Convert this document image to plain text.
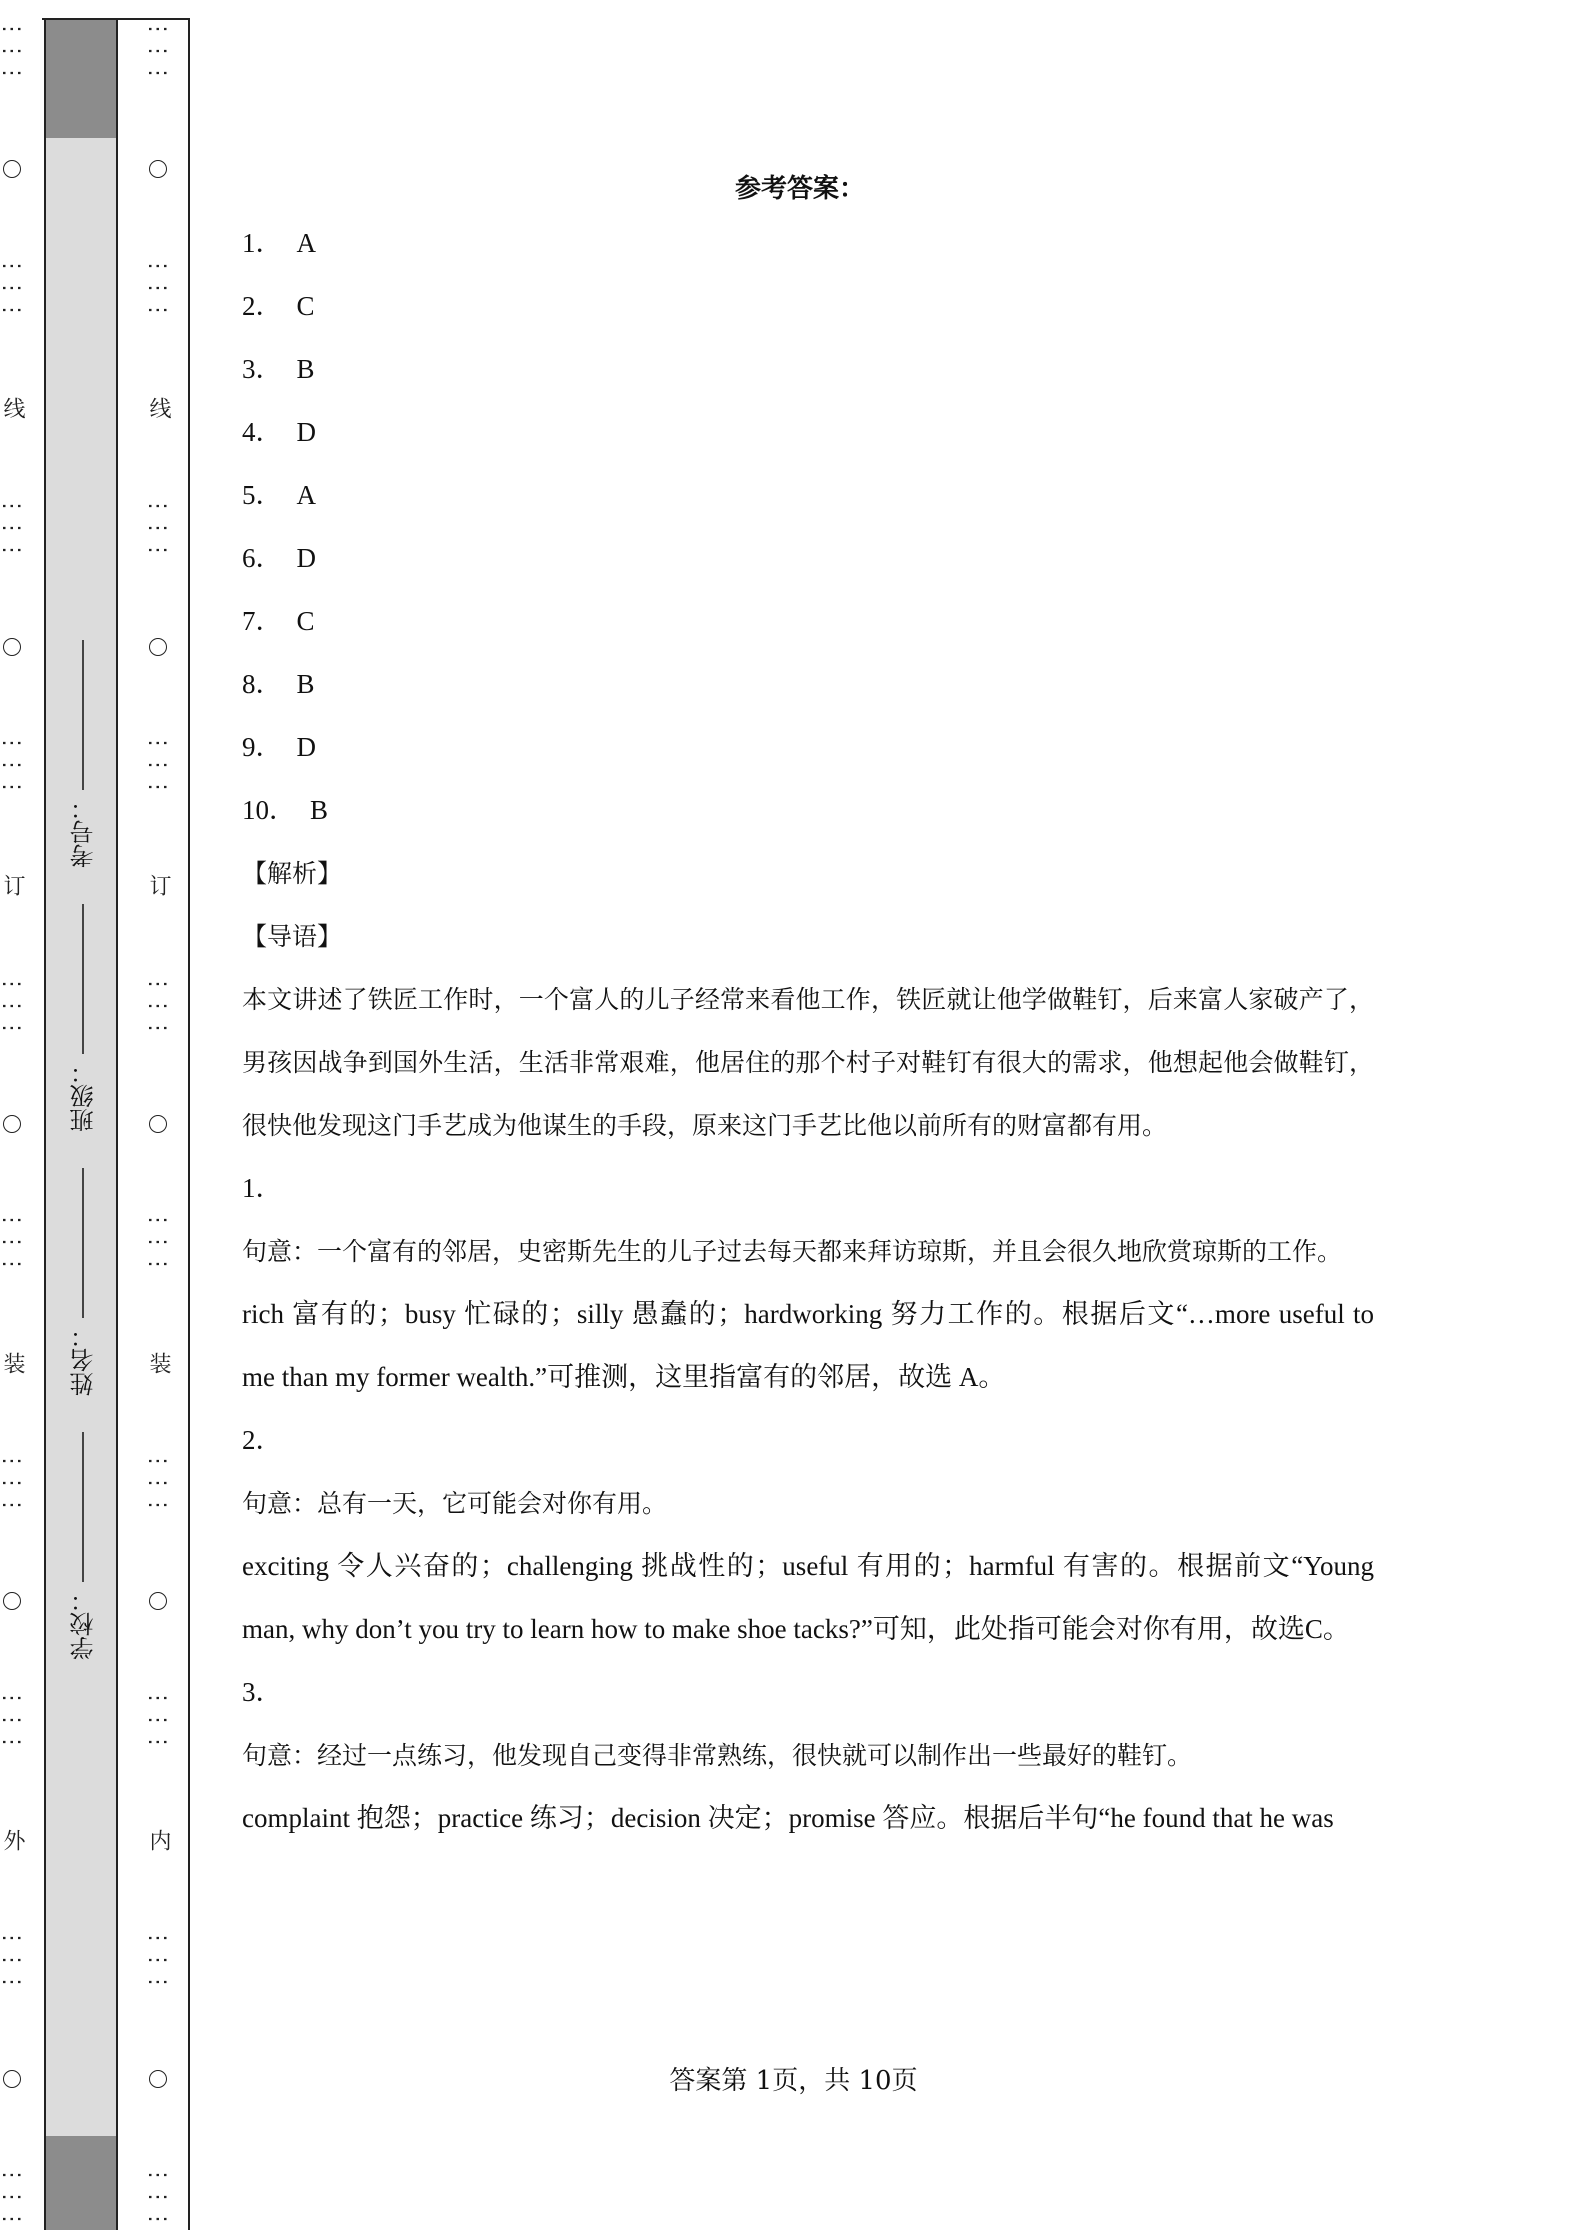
⋮⋮⋮
⋮⋮⋮
线
⋮⋮⋮
⋮⋮⋮
订
⋮⋮⋮
⋮⋮⋮
装
⋮⋮⋮
⋮⋮⋮
外
⋮⋮⋮
⋮⋮⋮
⋮⋮⋮
⋮⋮⋮
线
⋮⋮⋮
⋮⋮⋮
订
⋮⋮⋮
⋮⋮⋮
装
⋮⋮⋮
⋮⋮⋮
内
⋮⋮⋮
⋮⋮⋮
学校：
姓名：
班级：
考号：
参考答案：

1． A

2． C

3． B

4． D

5． A

6． D

7． C

8． B

9． D

10． B

【解析】

【导语】

本文讲述了铁匠工作时，一个富人的儿子经常来看他工作，铁匠就让他学做鞋钉，后来富人家破产了，男孩因战争到国外生活，生活非常艰难，他居住的那个村子对鞋钉有很大的需求，他想起他会做鞋钉，很快他发现这门手艺成为他谋生的手段，原来这门手艺比他以前所有的财富都有用。

1．

句意：一个富有的邻居，史密斯先生的儿子过去每天都来拜访琼斯，并且会很久地欣赏琼斯的工作。

rich 富有的；busy 忙碌的；silly 愚蠢的；hardworking 努力工作的。根据后文“…more useful to me than my former wealth.”可推测，这里指富有的邻居，故选 A。

2．

句意：总有一天，它可能会对你有用。

exciting 令人兴奋的；challenging 挑战性的；useful 有用的；harmful 有害的。根据前文“Young man, why don’t you try to learn how to make shoe tacks?”可知，此处指可能会对你有用，故选C。

3．

句意：经过一点练习，他发现自己变得非常熟练，很快就可以制作出一些最好的鞋钉。

complaint 抱怨；practice 练习；decision 决定；promise 答应。根据后半句“he found that he was

答案第 1页，共 10页
